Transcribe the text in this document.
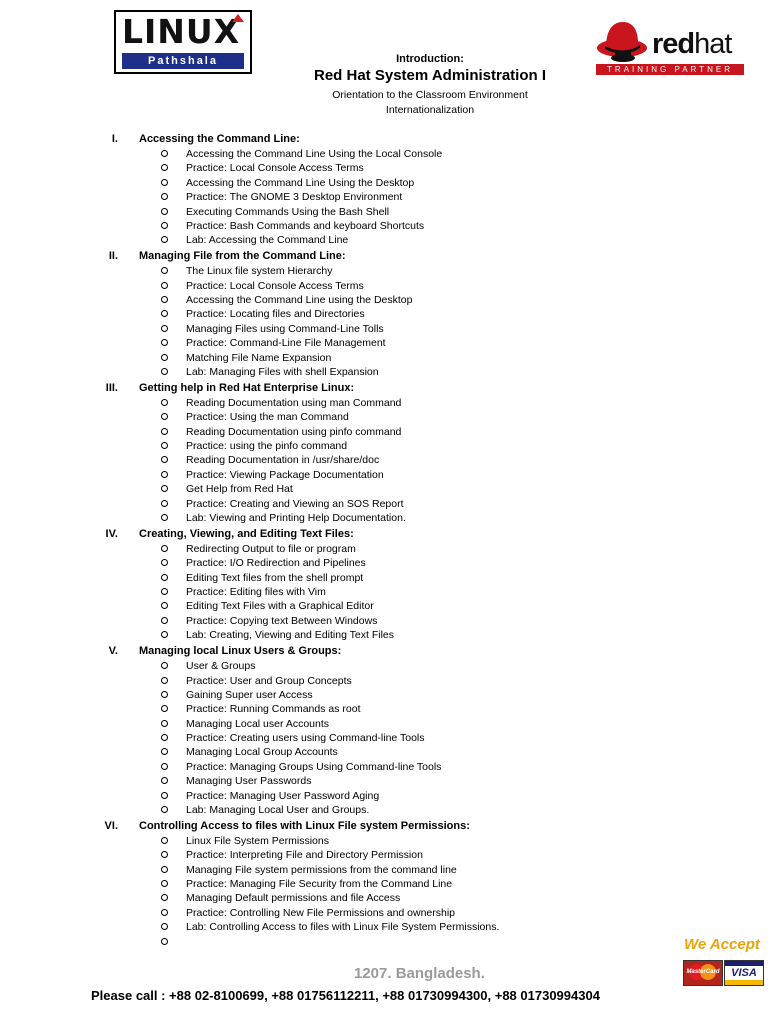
LINUX
Pathshala
redhat
TRAINING PARTNER
Introduction:
Red Hat System Administration I
Orientation to the Classroom Environment
Internationalization
I. Accessing the Command Line:
Accessing the Command Line Using the Local Console
Practice: Local Console Access Terms
Accessing the Command Line Using the Desktop
Practice: The GNOME 3 Desktop Environment
Executing Commands Using the Bash Shell
Practice: Bash Commands and keyboard Shortcuts
Lab: Accessing the Command Line
II. Managing File from the Command Line:
The Linux file system Hierarchy
Practice: Local Console Access Terms
Accessing the Command Line using the Desktop
Practice: Locating files and Directories
Managing Files using Command-Line Tolls
Practice: Command-Line File Management
Matching File Name Expansion
Lab: Managing Files with shell Expansion
III. Getting help in Red Hat Enterprise Linux:
Reading Documentation using man Command
Practice: Using the man Command
Reading Documentation using pinfo command
Practice: using the pinfo command
Reading Documentation in /usr/share/doc
Practice: Viewing Package Documentation
Get Help from Red Hat
Practice: Creating and Viewing an SOS Report
Lab: Viewing and Printing Help Documentation.
IV. Creating, Viewing, and Editing Text Files:
Redirecting Output to file or program
Practice: I/O Redirection and Pipelines
Editing Text files from the shell prompt
Practice: Editing files with Vim
Editing Text Files with a Graphical Editor
Practice: Copying text Between Windows
Lab: Creating, Viewing and Editing Text Files
V. Managing local Linux Users & Groups:
User & Groups
Practice: User and Group Concepts
Gaining Super user Access
Practice: Running Commands as root
Managing Local user Accounts
Practice: Creating users using Command-line Tools
Managing Local Group Accounts
Practice: Managing Groups Using Command-line Tools
Managing User Passwords
Practice: Managing User Password Aging
Lab: Managing Local User and Groups.
VI. Controlling Access to files with Linux File system Permissions:
Linux File System Permissions
Practice: Interpreting File and Directory Permission
Managing File system permissions from the command line
Practice: Managing File Security from the Command Line
Managing Default permissions and file Access
Practice: Controlling New File Permissions and ownership
Lab: Controlling Access to files with Linux File System Permissions.
1207. Bangladesh.
Please call : +88 02-8100699, +88 01756112211, +88 01730994300, +88 01730994304
We Accept
MasterCard	VISA
